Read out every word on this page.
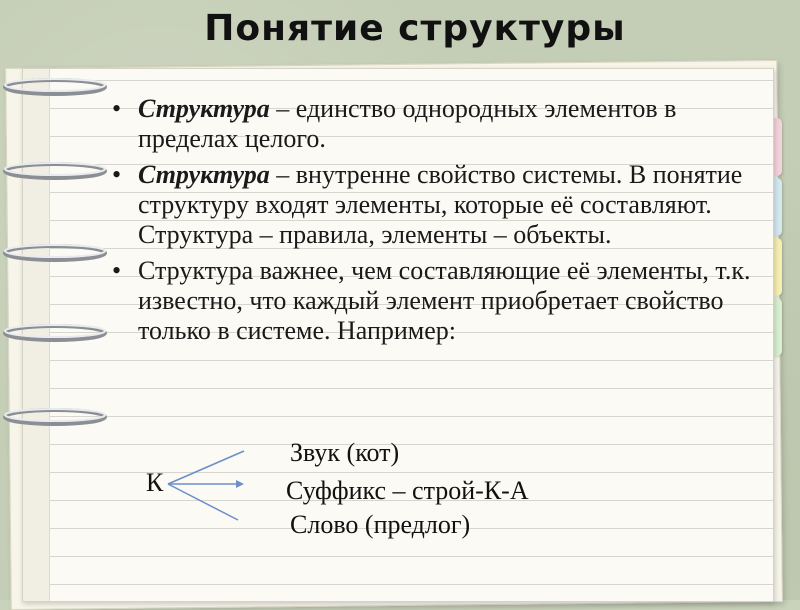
Понятие структуры
• Структура – единство однородных элементов в пределах целого.
• Структура – внутренне свойство системы. В понятие структуру входят элементы, которые её составляют. Структура – правила, элементы – объекты.
• Структура важнее, чем составляющие её элементы, т.к. известно, что каждый элемент приобретает свойство только в системе. Например:
К
Звук (кот)
Суффикс – строй-К-А
Слово (предлог)
